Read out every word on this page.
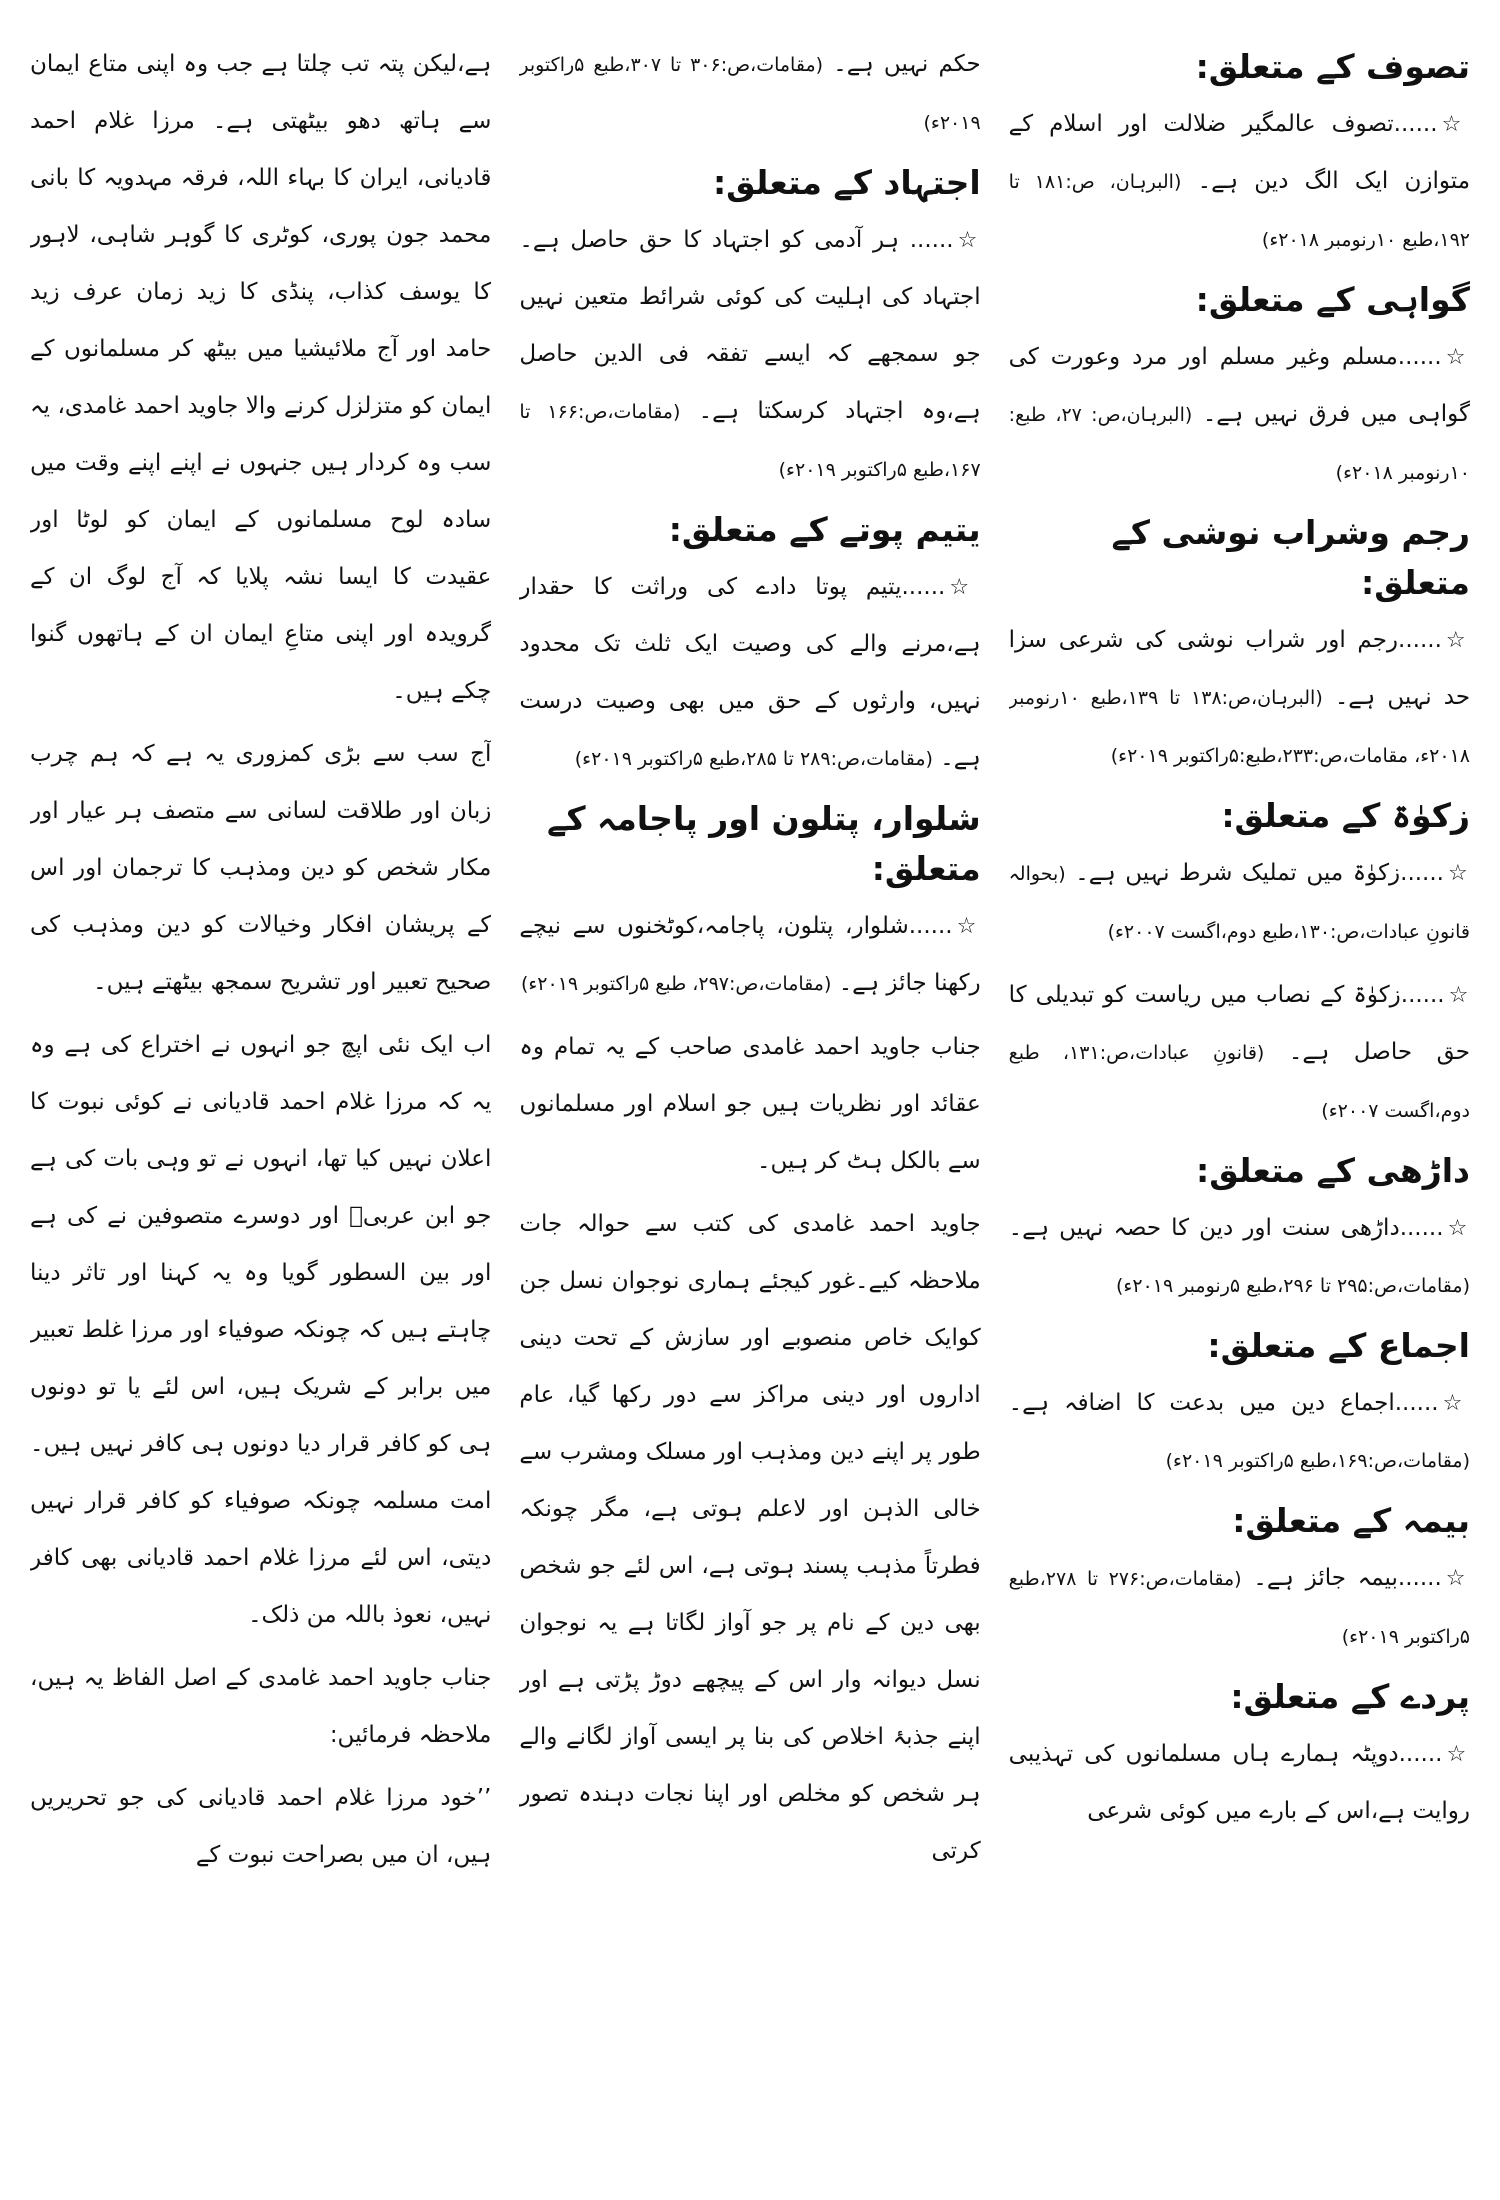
تصوف کے متعلق:

☆......تصوف عالمگیر ضلالت اور اسلام کے متوازن ایک الگ دین ہے۔ (البرہان، ص:۱۸۱ تا ۱۹۲،طبع ۱۰رنومبر ۲۰۱۸ء)

گواہی کے متعلق:

☆......مسلم وغیر مسلم اور مرد وعورت کی گواہی میں فرق نہیں ہے۔ (البرہان،ص: ۲۷، طبع: ۱۰رنومبر ۲۰۱۸ء)

رجم وشراب نوشی کے متعلق:

☆......رجم اور شراب نوشی کی شرعی سزا حد نہیں ہے۔ (البرہان،ص:۱۳۸ تا ۱۳۹،طبع ۱۰رنومبر ۲۰۱۸ء، مقامات،ص:۲۳۳،طبع:۵راکتوبر ۲۰۱۹ء)

زکوٰۃ کے متعلق:

☆......زکوٰۃ میں تملیک شرط نہیں ہے۔ (بحوالہ قانونِ عبادات،ص:۱۳۰،طبع دوم،اگست ۲۰۰۷ء)

☆......زکوٰۃ کے نصاب میں ریاست کو تبدیلی کا حق حاصل ہے۔ (قانونِ عبادات،ص:۱۳۱، طبع دوم،اگست ۲۰۰۷ء)

داڑھی کے متعلق:

☆......داڑھی سنت اور دین کا حصہ نہیں ہے۔ (مقامات،ص:۲۹۵ تا ۲۹۶،طبع ۵رنومبر ۲۰۱۹ء)

اجماع کے متعلق:

☆......اجماع دین میں بدعت کا اضافہ ہے۔ (مقامات،ص:۱۶۹،طبع ۵راکتوبر ۲۰۱۹ء)

بیمہ کے متعلق:

☆......بیمہ جائز ہے۔ (مقامات،ص:۲۷۶ تا ۲۷۸،طبع ۵راکتوبر ۲۰۱۹ء)

پردے کے متعلق:

☆......دوپٹہ ہمارے ہاں مسلمانوں کی تہذیبی روایت ہے،اس کے بارے میں کوئی شرعی

حکم نہیں ہے۔ (مقامات،ص:۳۰۶ تا ۳۰۷،طبع ۵راکتوبر ۲۰۱۹ء)

اجتہاد کے متعلق:

☆...... ہر آدمی کو اجتہاد کا حق حاصل ہے۔اجتہاد کی اہلیت کی کوئی شرائط متعین نہیں جو سمجھے کہ ایسے تفقہ فی الدین حاصل ہے،وہ اجتہاد کرسکتا ہے۔ (مقامات،ص:۱۶۶ تا ۱۶۷،طبع ۵راکتوبر ۲۰۱۹ء)

یتیم پوتے کے متعلق:

☆......یتیم پوتا دادے کی وراثت کا حقدار ہے،مرنے والے کی وصیت ایک ثلث تک محدود نہیں، وارثوں کے حق میں بھی وصیت درست ہے۔ (مقامات،ص:۲۸۹ تا ۲۸۵،طبع ۵راکتوبر ۲۰۱۹ء)

شلوار، پتلون اور پاجامہ کے متعلق:

☆......شلوار، پتلون، پاجامہ،کوٹخنوں سے نیچے رکھنا جائز ہے۔ (مقامات،ص:۲۹۷، طبع ۵راکتوبر ۲۰۱۹ء)

جناب جاوید احمد غامدی صاحب کے یہ تمام وہ عقائد اور نظریات ہیں جو اسلام اور مسلمانوں سے بالکل ہٹ کر ہیں۔

جاوید احمد غامدی کی کتب سے حوالہ جات ملاحظہ کیے۔غور کیجئے ہماری نوجوان نسل جن کوایک خاص منصوبے اور سازش کے تحت دینی اداروں اور دینی مراکز سے دور رکھا گیا، عام طور پر اپنے دین ومذہب اور مسلک ومشرب سے خالی الذہن اور لاعلم ہوتی ہے، مگر چونکہ فطرتاً مذہب پسند ہوتی ہے، اس لئے جو شخص بھی دین کے نام پر جو آواز لگاتا ہے یہ نوجوان نسل دیوانہ وار اس کے پیچھے دوڑ پڑتی ہے اور اپنے جذبۂ اخلاص کی بنا پر ایسی آواز لگانے والے ہر شخص کو مخلص اور اپنا نجات دہندہ تصور کرتی

ہے،لیکن پتہ تب چلتا ہے جب وہ اپنی متاع ایمان سے ہاتھ دھو بیٹھتی ہے۔ مرزا غلام احمد قادیانی، ایران کا بہاء اللہ، فرقہ مہدویہ کا بانی محمد جون پوری، کوٹری کا گوہر شاہی، لاہور کا یوسف کذاب، پنڈی کا زید زمان عرف زید حامد اور آج ملائیشیا میں بیٹھ کر مسلمانوں کے ایمان کو متزلزل کرنے والا جاوید احمد غامدی، یہ سب وہ کردار ہیں جنہوں نے اپنے اپنے وقت میں سادہ لوح مسلمانوں کے ایمان کو لوٹا اور عقیدت کا ایسا نشہ پلایا کہ آج لوگ ان کے گرویدہ اور اپنی متاعِ ایمان ان کے ہاتھوں گنوا چکے ہیں۔

آج سب سے بڑی کمزوری یہ ہے کہ ہم چرب زبان اور طلاقت لسانی سے متصف ہر عیار اور مکار شخص کو دین ومذہب کا ترجمان اور اس کے پریشان افکار وخیالات کو دین ومذہب کی صحیح تعبیر اور تشریح سمجھ بیٹھتے ہیں۔

اب ایک نئی اپچ جو انہوں نے اختراع کی ہے وہ یہ کہ مرزا غلام احمد قادیانی نے کوئی نبوت کا اعلان نہیں کیا تھا، انہوں نے تو وہی بات کی ہے جو ابن عربیؒ اور دوسرے متصوفین نے کی ہے اور بین السطور گویا وہ یہ کہنا اور تاثر دینا چاہتے ہیں کہ چونکہ صوفیاء اور مرزا غلط تعبیر میں برابر کے شریک ہیں، اس لئے یا تو دونوں ہی کو کافر قرار دیا دونوں ہی کافر نہیں ہیں۔ امت مسلمہ چونکہ صوفیاء کو کافر قرار نہیں دیتی، اس لئے مرزا غلام احمد قادیانی بھی کافر نہیں، نعوذ باللہ من ذلک۔

جناب جاوید احمد غامدی کے اصل الفاظ یہ ہیں، ملاحظہ فرمائیں:

’’خود مرزا غلام احمد قادیانی کی جو تحریریں ہیں، ان میں بصراحت نبوت کے
